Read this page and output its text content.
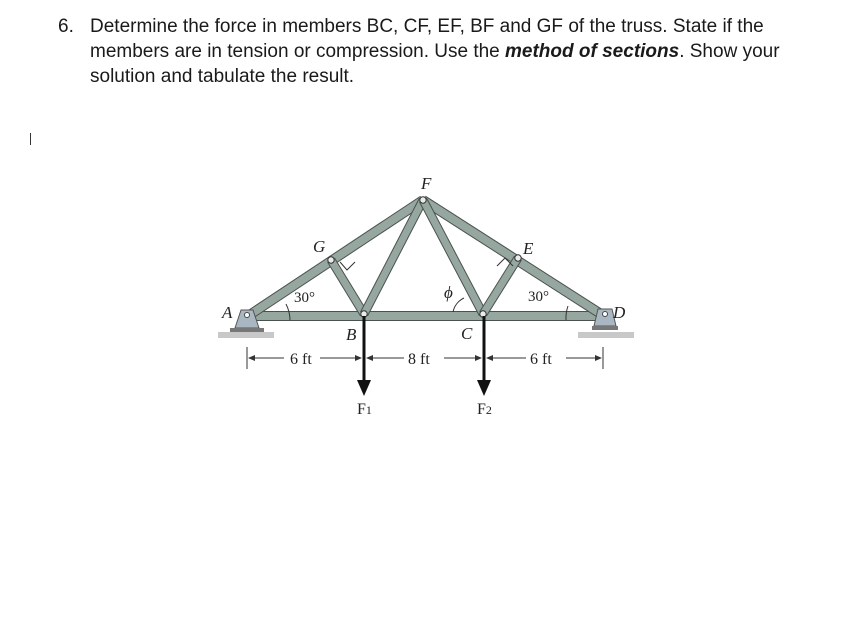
6. Determine the force in members BC, CF, EF, BF and GF of the truss. State if the members are in tension or compression. Use the method of sections. Show your solution and tabulate the result.
A
B	C
D
E
F
G
30°	30°
ϕ
6 ft	8 ft	6 ft
F1	F2
